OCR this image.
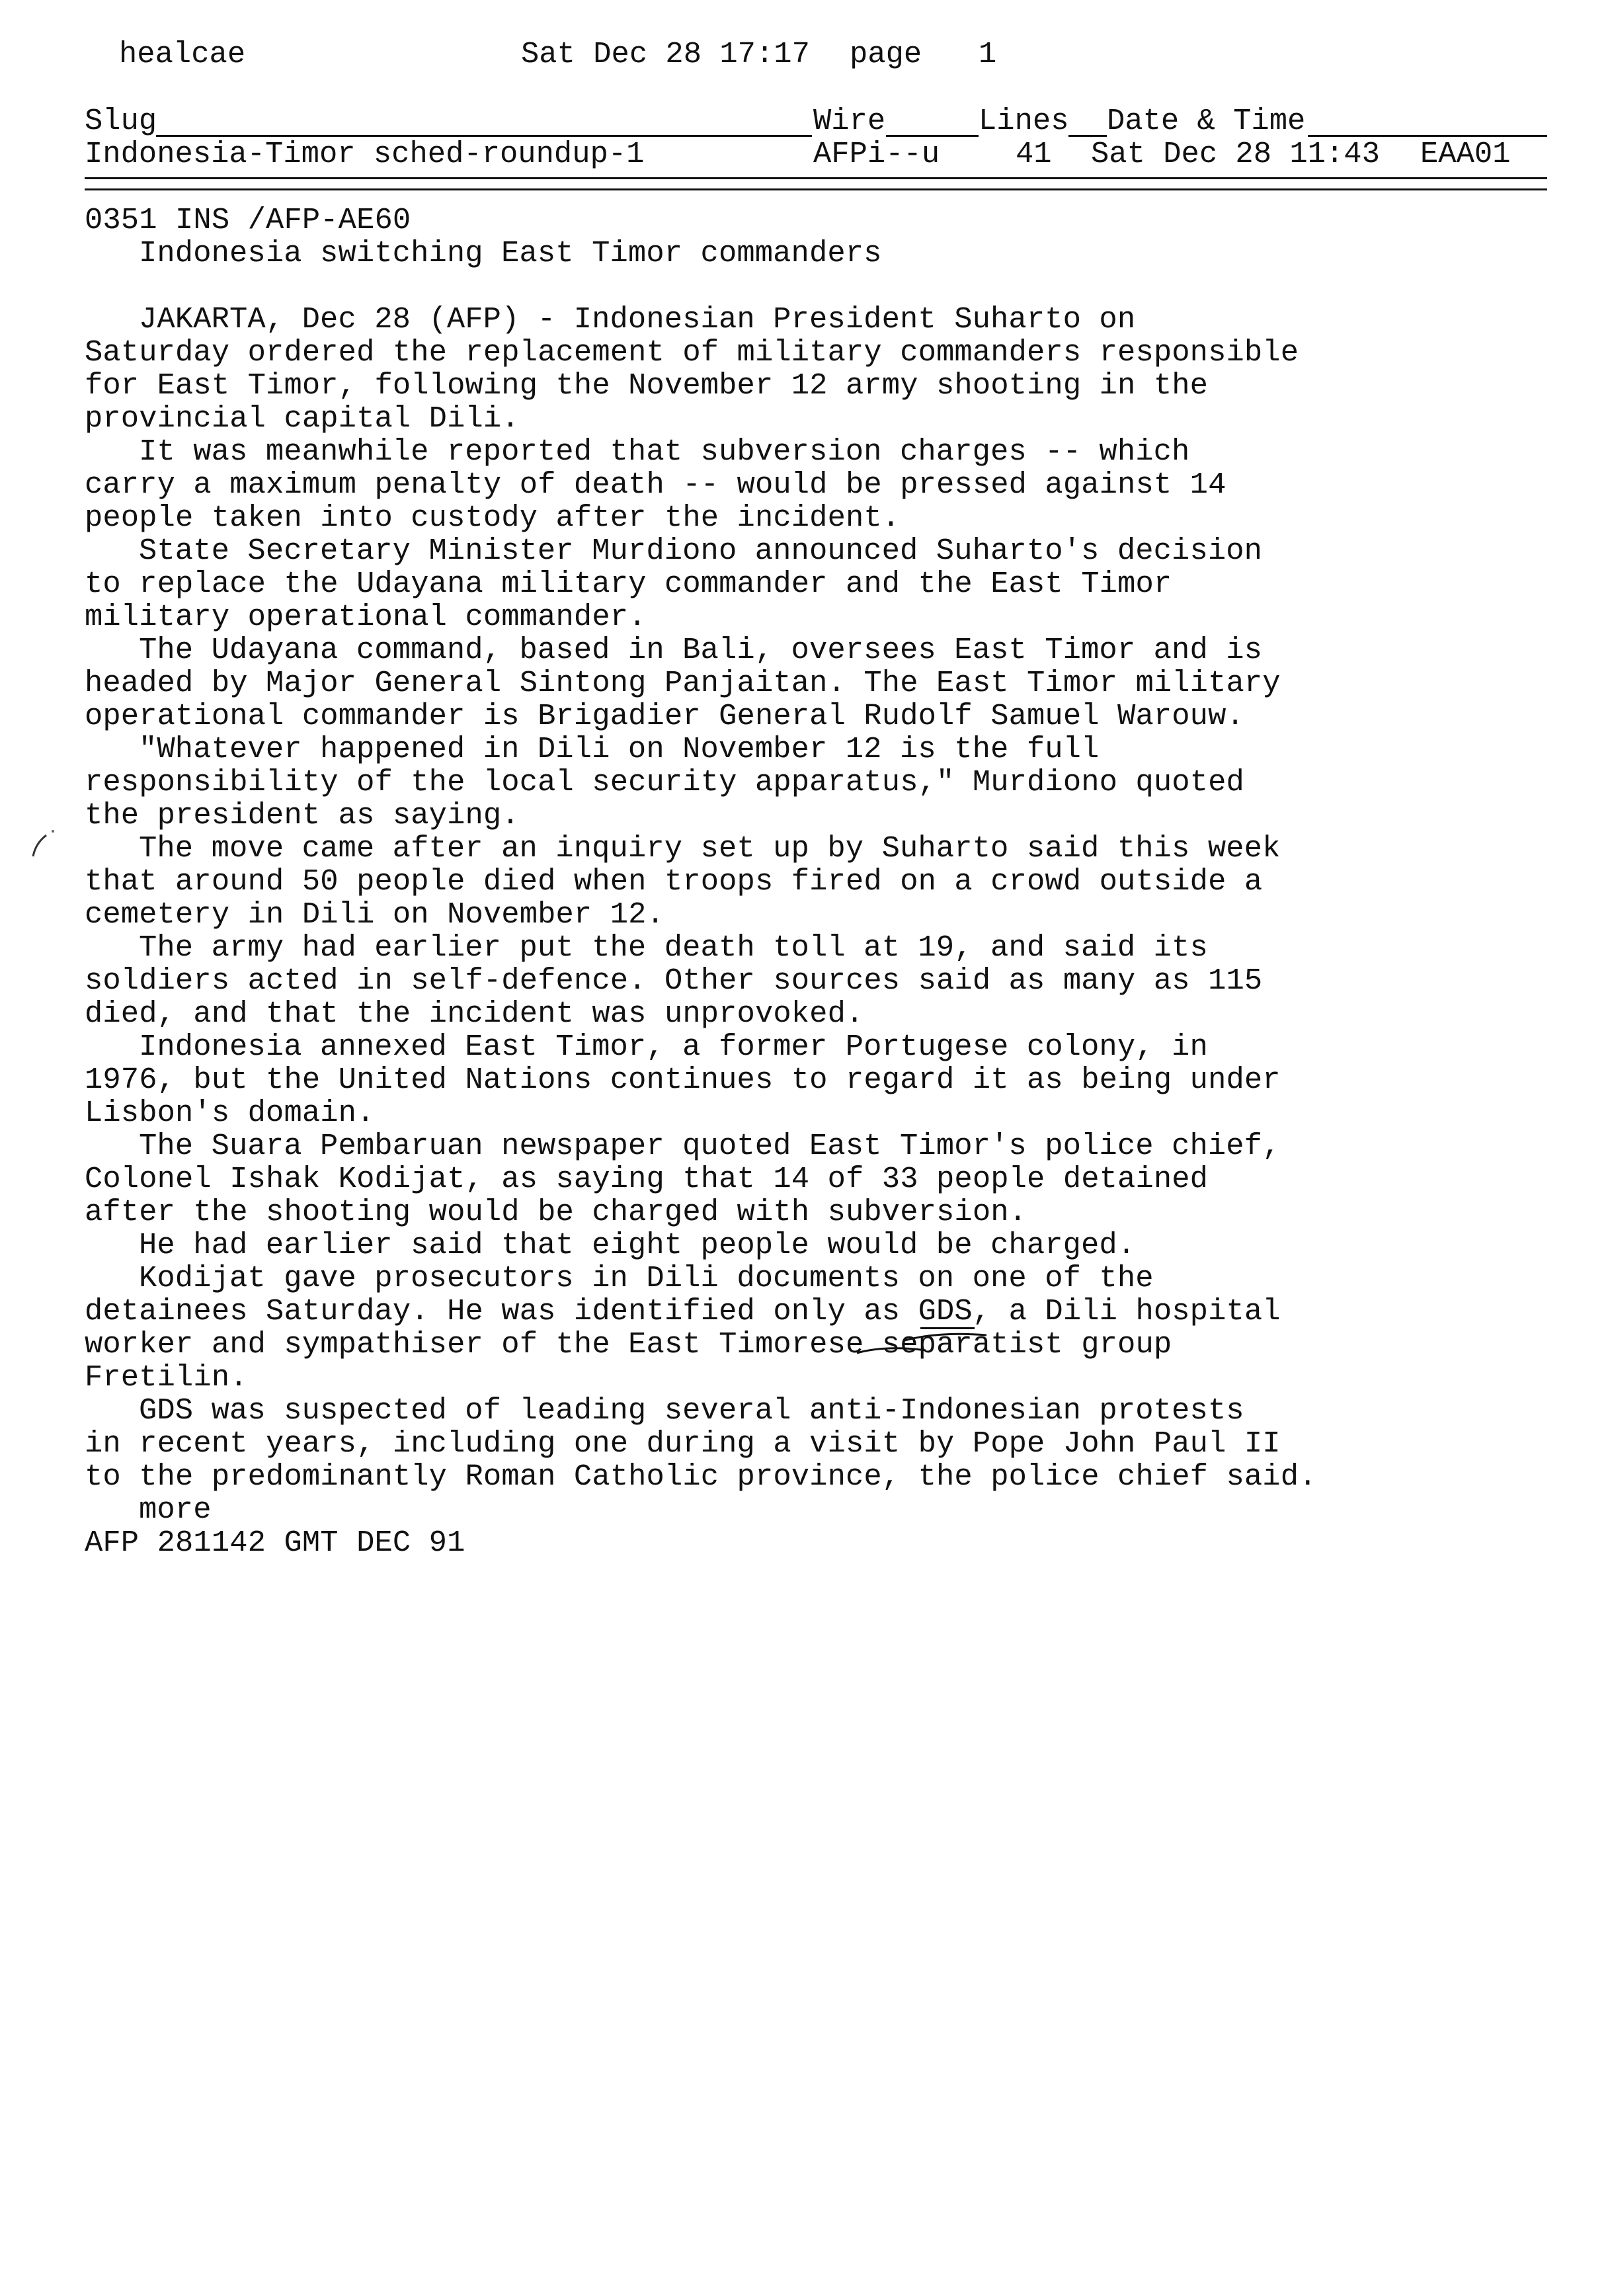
healcae	Sat Dec 28 17:17 page 1
Slug	Wire	Lines Date & Time
Indonesia-Timor sched-roundup-1	AFPi--u	41 Sat Dec 28 11:43 EAA01
0351 INS /AFP-AE60
Indonesia switching East Timor commanders
JAKARTA, Dec 28 (AFP) - Indonesian President Suharto on
Saturday ordered the replacement of military commanders responsible
for East Timor, following the November 12 army shooting in the
provincial capital Dili.
It was meanwhile reported that subversion charges -- which
carry a maximum penalty of death -- would be pressed against 14
people taken into custody after the incident.
State Secretary Minister Murdiono announced Suharto's decision
to replace the Udayana military commander and the East Timor
military operational commander.
The Udayana command, based in Bali, oversees East Timor and is
headed by Major General Sintong Panjaitan. The East Timor military
operational commander is Brigadier General Rudolf Samuel Warouw.
"Whatever happened in Dili on November 12 is the full
responsibility of the local security apparatus," Murdiono quoted
the president as saying.
The move came after an inquiry set up by Suharto said this week
that around 50 people died when troops fired on a crowd outside a
cemetery in Dili on November 12.
The army had earlier put the death toll at 19, and said its
soldiers acted in self-defence. Other sources said as many as 115
died, and that the incident was unprovoked.
Indonesia annexed East Timor, a former Portugese colony, in
1976, but the United Nations continues to regard it as being under
Lisbon's domain.
The Suara Pembaruan newspaper quoted East Timor's police chief,
Colonel Ishak Kodijat, as saying that 14 of 33 people detained
after the shooting would be charged with subversion.
He had earlier said that eight people would be charged.
Kodijat gave prosecutors in Dili documents on one of the
detainees Saturday. He was identified only as GDS, a Dili hospital
worker and sympathiser of the East Timorese separatist group
Fretilin.
GDS was suspected of leading several anti-Indonesian protests
in recent years, including one during a visit by Pope John Paul II
to the predominantly Roman Catholic province, the police chief said.
more
AFP 281142 GMT DEC 91
